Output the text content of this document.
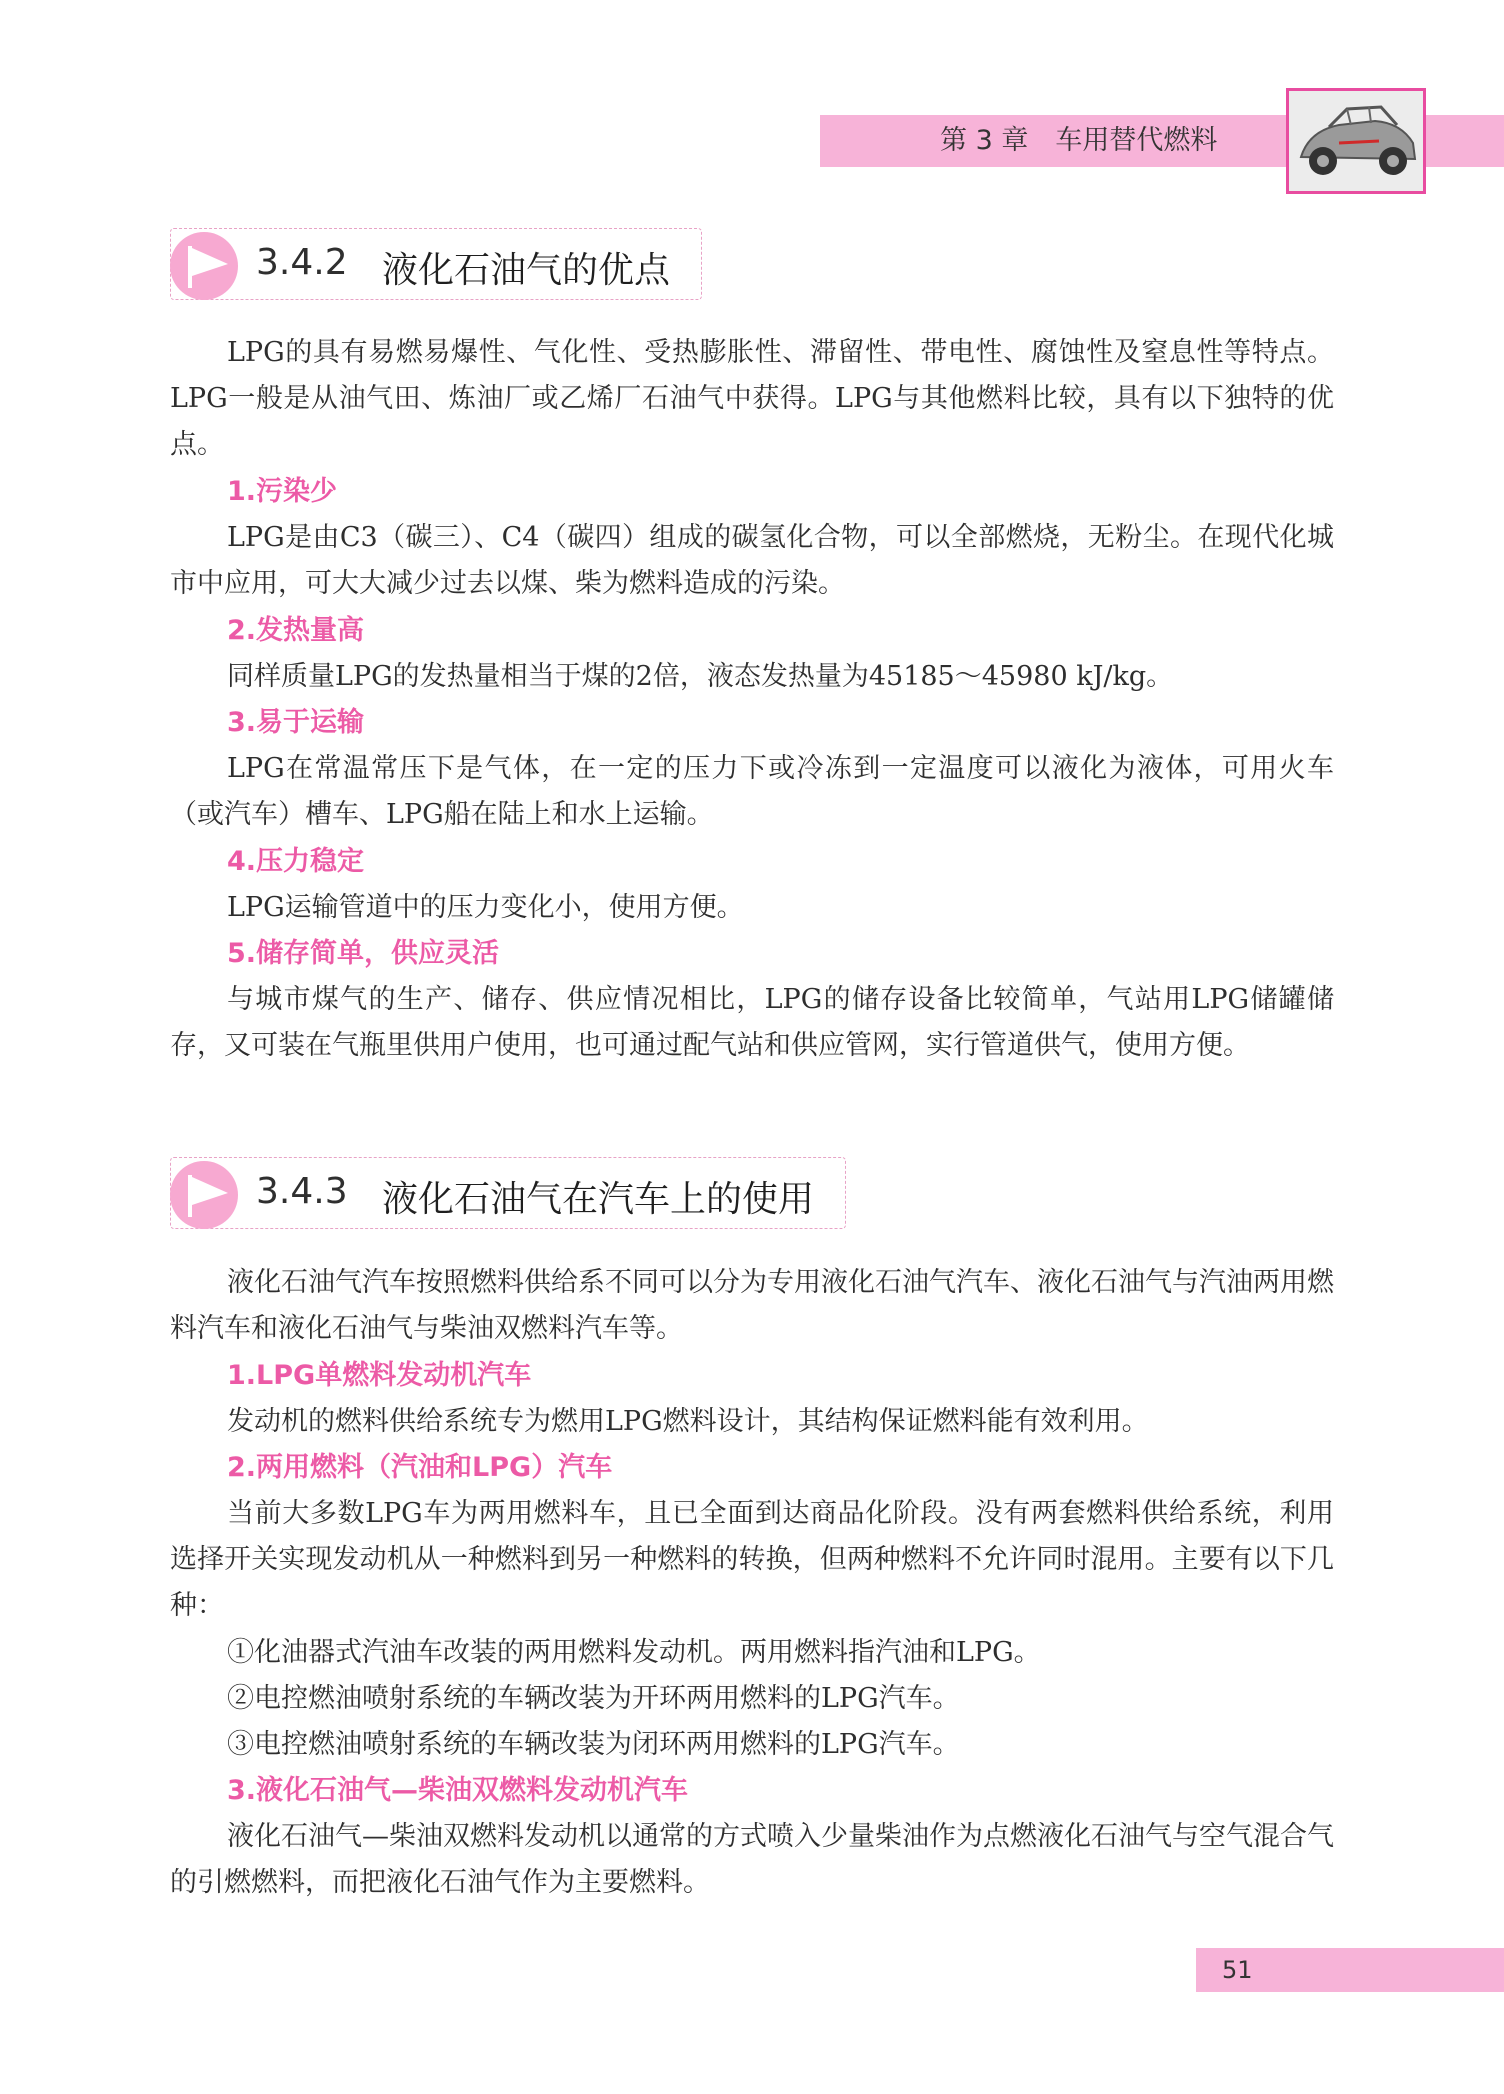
第 3 章　车用替代燃料
3.4.2 液化石油气的优点

LPG的具有易燃易爆性、气化性、受热膨胀性、滞留性、带电性、腐蚀性及窒息性等特点。LPG一般是从油气田、炼油厂或乙烯厂石油气中获得。LPG与其他燃料比较，具有以下独特的优点。

1.污染少

LPG是由C3（碳三）、C4（碳四）组成的碳氢化合物，可以全部燃烧，无粉尘。在现代化城市中应用，可大大减少过去以煤、柴为燃料造成的污染。

2.发热量高

同样质量LPG的发热量相当于煤的2倍，液态发热量为45185～45980 kJ/kg。

3.易于运输

LPG在常温常压下是气体，在一定的压力下或冷冻到一定温度可以液化为液体，可用火车（或汽车）槽车、LPG船在陆上和水上运输。

4.压力稳定

LPG运输管道中的压力变化小，使用方便。

5.储存简单，供应灵活

与城市煤气的生产、储存、供应情况相比，LPG的储存设备比较简单，气站用LPG储罐储存，又可装在气瓶里供用户使用，也可通过配气站和供应管网，实行管道供气，使用方便。

3.4.3 液化石油气在汽车上的使用

液化石油气汽车按照燃料供给系不同可以分为专用液化石油气汽车、液化石油气与汽油两用燃料汽车和液化石油气与柴油双燃料汽车等。

1.LPG单燃料发动机汽车

发动机的燃料供给系统专为燃用LPG燃料设计，其结构保证燃料能有效利用。

2.两用燃料（汽油和LPG）汽车

当前大多数LPG车为两用燃料车，且已全面到达商品化阶段。没有两套燃料供给系统，利用选择开关实现发动机从一种燃料到另一种燃料的转换，但两种燃料不允许同时混用。主要有以下几种：

①化油器式汽油车改装的两用燃料发动机。两用燃料指汽油和LPG。

②电控燃油喷射系统的车辆改装为开环两用燃料的LPG汽车。

③电控燃油喷射系统的车辆改装为闭环两用燃料的LPG汽车。

3.液化石油气—柴油双燃料发动机汽车

液化石油气—柴油双燃料发动机以通常的方式喷入少量柴油作为点燃液化石油气与空气混合气的引燃燃料，而把液化石油气作为主要燃料。

51
